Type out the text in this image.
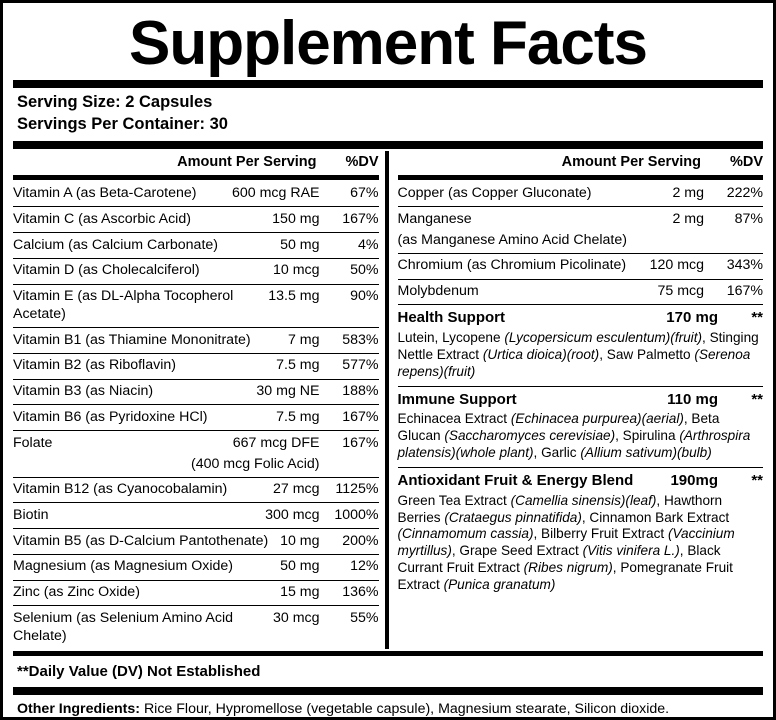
Supplement Facts
Serving Size: 2 Capsules
Servings Per Container: 30
Amount Per Serving	%DV
Vitamin A (as Beta-Carotene)	600 mcg RAE	67%
Vitamin C (as Ascorbic Acid)	150 mg	167%
Calcium (as Calcium Carbonate)	50 mg	4%
Vitamin D (as Cholecalciferol)	10 mcg	50%
Vitamin E (as DL-Alpha Tocopherol Acetate)
13.5 mg	90%
Vitamin B1 (as Thiamine Mononitrate)	7 mg	583%
Vitamin B2 (as Riboflavin)	7.5 mg	577%
Vitamin B3 (as Niacin)	30 mg NE	188%
Vitamin B6 (as Pyridoxine HCl)	7.5 mg	167%
Folate	667 mcg DFE	167%
(400 mcg Folic Acid)
Vitamin B12 (as Cyanocobalamin)	27 mcg	1125%
Biotin	300 mcg	1000%
Vitamin B5 (as D-Calcium Pantothenate) 10 mg	200%
Magnesium (as Magnesium Oxide)	50 mg	12%
Zinc (as Zinc Oxide)	15 mg	136%
Selenium (as Selenium Amino Acid Chelate)
30 mcg	55%
Amount Per Serving	%DV
Copper (as Copper Gluconate)	2 mg	222%
Manganese	2 mg	87%
(as Manganese Amino Acid Chelate)
Chromium (as Chromium Picolinate)	120 mcg	343%
Molybdenum	75 mcg	167%
Health Support	170 mg	**
Lutein, Lycopene (Lycopersicum esculentum)(fruit), Stinging Nettle Extract (Urtica dioica)(root), Saw Palmetto (Serenoa repens)(fruit)
Immune Support	110 mg	**
Echinacea Extract (Echinacea purpurea)(aerial), Beta Glucan (Saccharomyces cerevisiae), Spirulina (Arthrospira platensis)(whole plant), Garlic (Allium sativum)(bulb)
Antioxidant Fruit & Energy Blend	190mg	**
Green Tea Extract (Camellia sinensis)(leaf), Hawthorn Berries (Crataegus pinnatifida), Cinnamon Bark Extract (Cinnamomum cassia), Bilberry Fruit Extract (Vaccinium myrtillus), Grape Seed Extract (Vitis vinifera L.), Black Currant Fruit Extract (Ribes nigrum), Pomegranate Fruit Extract (Punica granatum)
**Daily Value (DV) Not Established
Other Ingredients: Rice Flour, Hypromellose (vegetable capsule), Magnesium stearate, Silicon dioxide.
